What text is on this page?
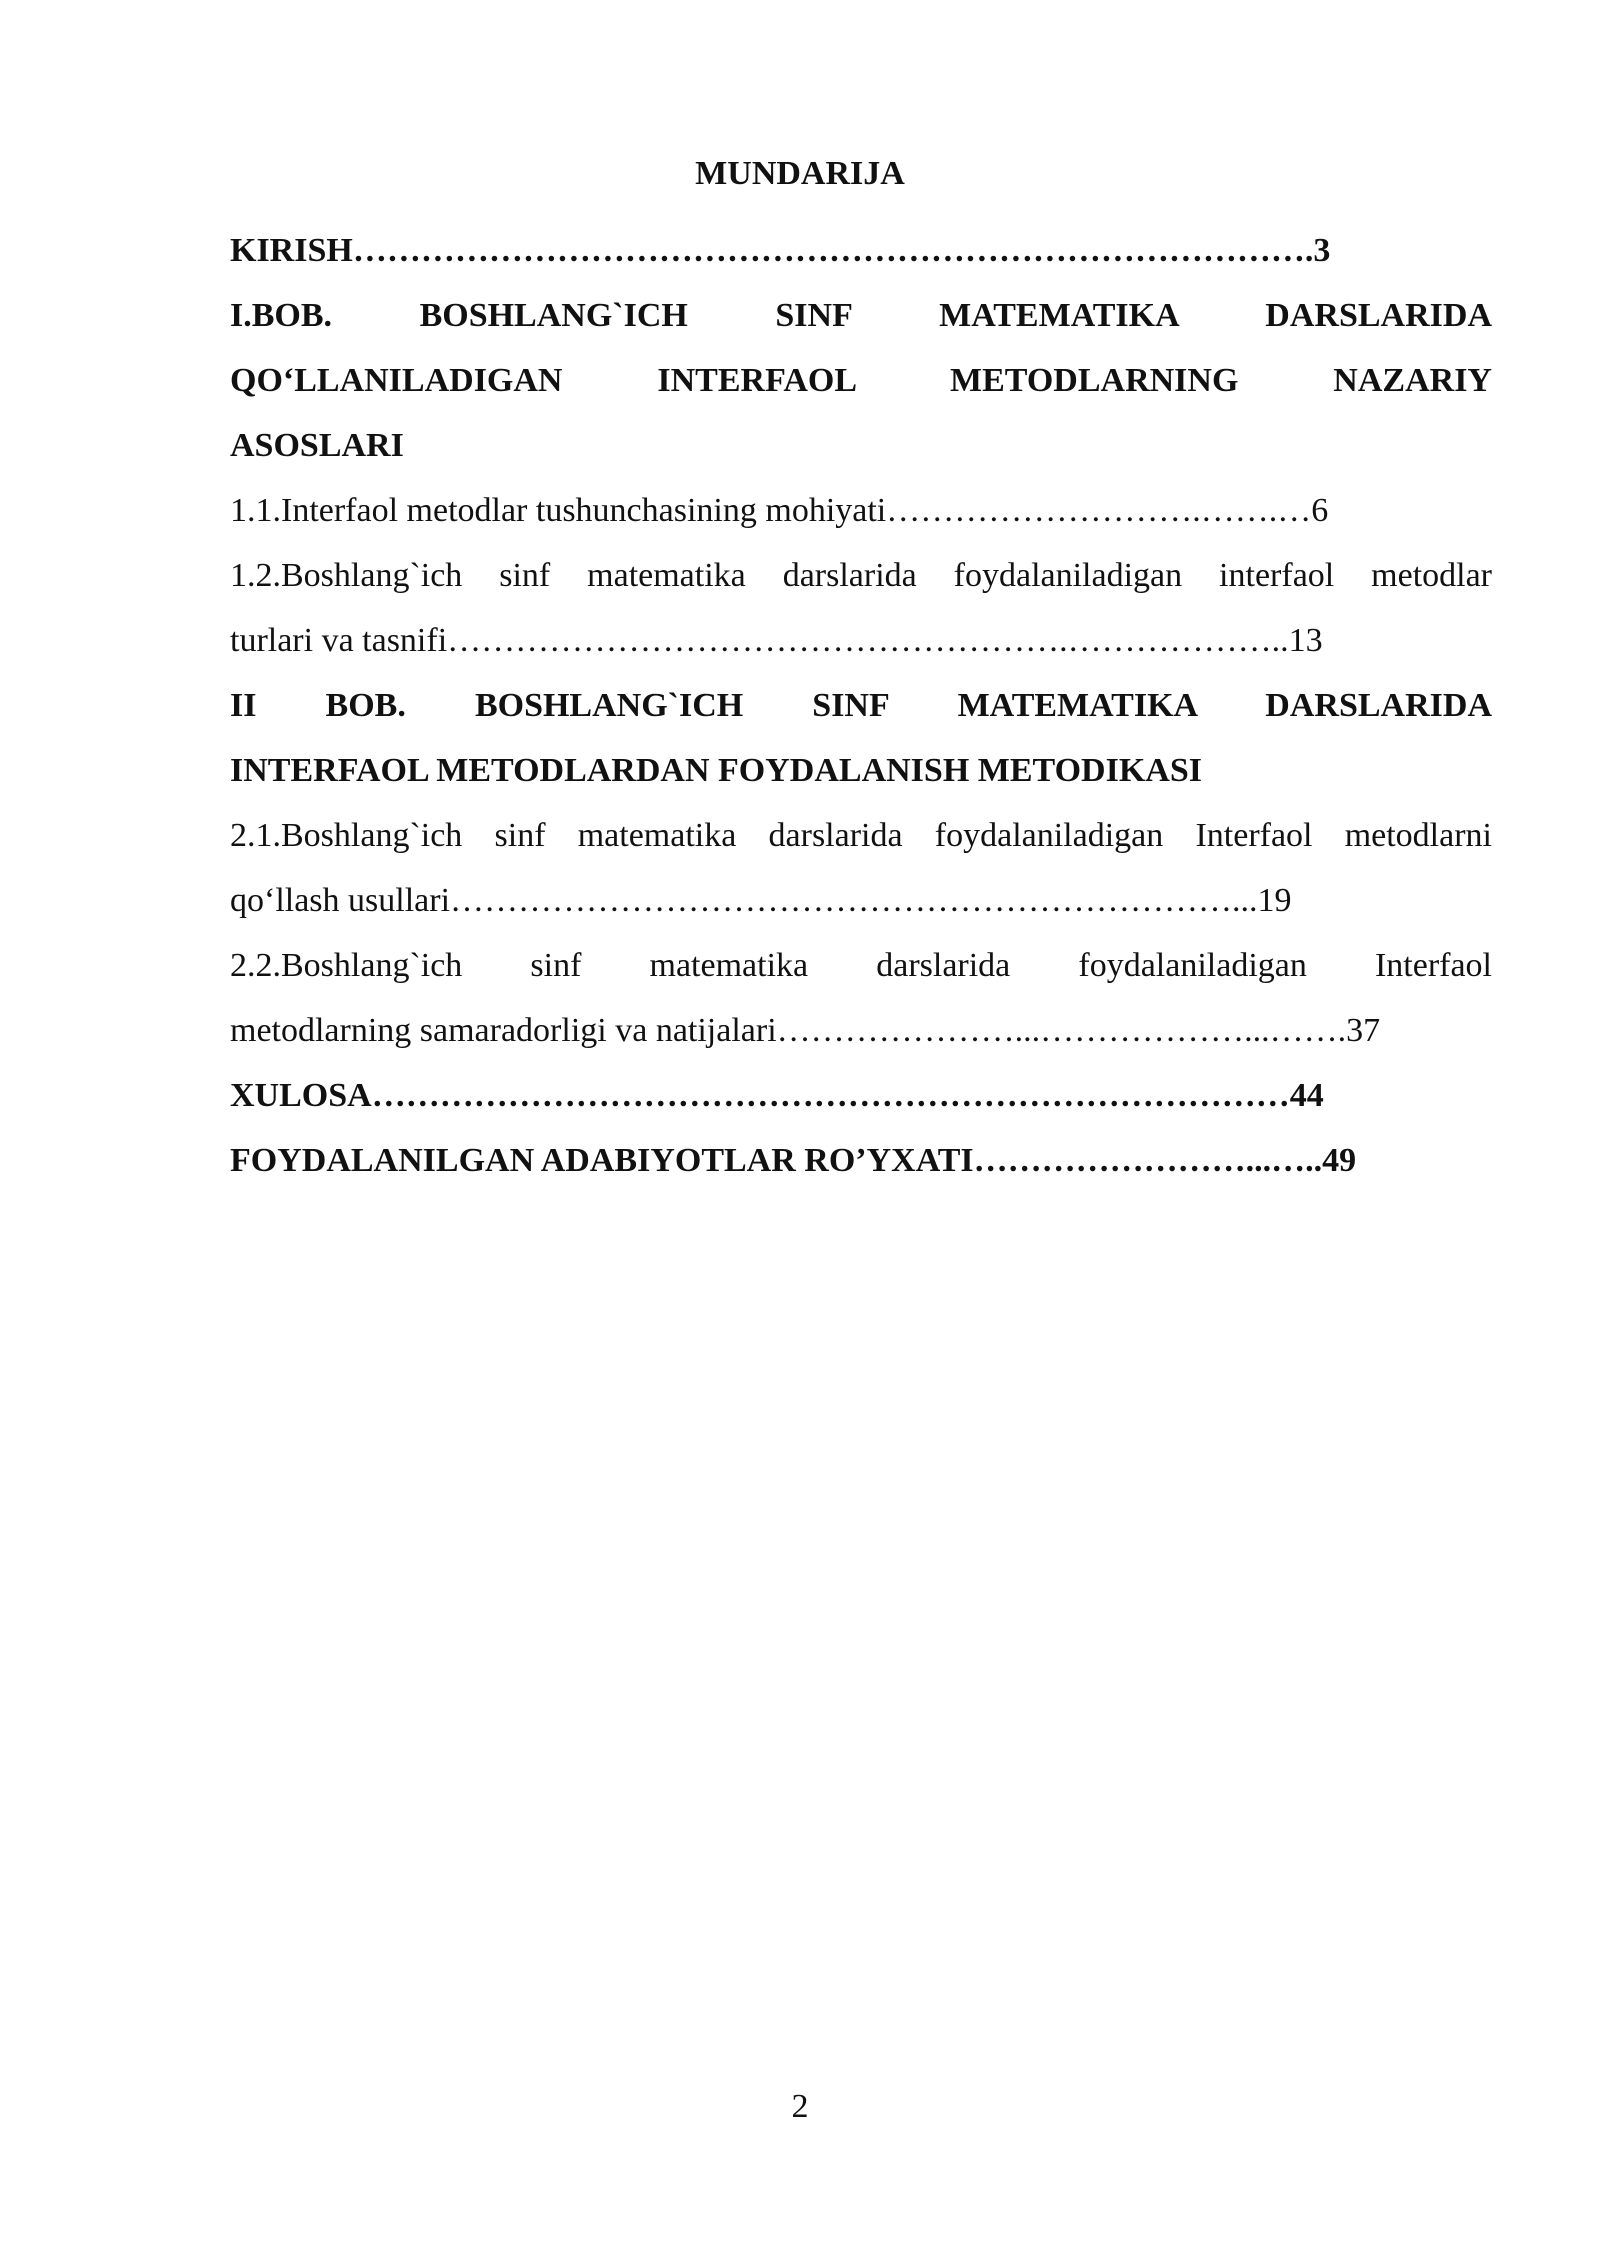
MUNDARIJA
KIRISH………………………………………………………………………….3
I.BOB. BOSHLANG`ICH SINF MATEMATIKA DARSLARIDA
QO‘LLANILADIGAN INTERFAOL METODLARNING NAZARIY
ASOSLARI
1.1.Interfaol metodlar tushunchasining mohiyati……………………….…….…6
1.2.Boshlang`ich sinf matematika darslarida foydalaniladigan interfaol metodlar
turlari va tasnifi……………………………………………….………………..13
II BOB. BOSHLANG`ICH SINF MATEMATIKA DARSLARIDA
INTERFAOL METODLARDAN FOYDALANISH METODIKASI
2.1.Boshlang`ich sinf matematika darslarida foydalaniladigan Interfaol metodlarni
qo‘llash usullari……………………………………………………………...19
2.2.Boshlang`ich sinf matematika darslarida foydalaniladigan Interfaol
metodlarning samaradorligi va natijalari…………………...………………...…….37
XULOSA………………………………………………………………………44
FOYDALANILGAN ADABIYOTLAR RO’YXATI……………………...…..49
2
